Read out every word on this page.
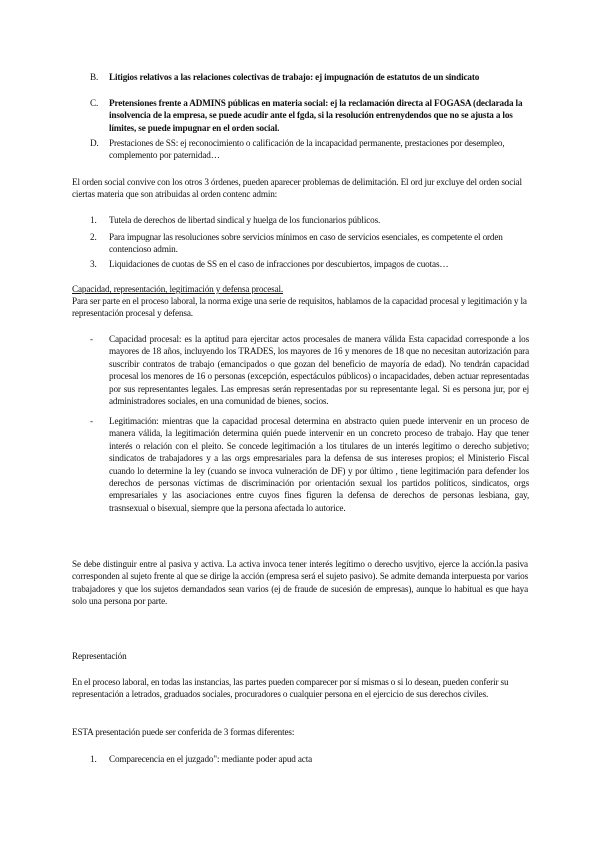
B. Litigios relativos a las relaciones colectivas de trabajo: ej impugnación de estatutos de un sindicato

C. Pretensiones frente a ADMINS públicas en materia social: ej la reclamación directa al FOGASA (declarada la insolvencia de la empresa, se puede acudir ante el fgda, si la resolución entrenydendos que no se ajusta a los límites, se puede impugnar en el orden social.

D. Prestaciones de SS: ej reconocimiento o calificación de la incapacidad permanente, prestaciones por desempleo, complemento por paternidad…

El orden social convive con los otros 3 órdenes, pueden aparecer problemas de delimitación. El ord jur excluye del orden social ciertas materia que son atribuidas al orden contenc admin:

1. Tutela de derechos de libertad sindical y huelga de los funcionarios públicos.

2. Para impugnar las resoluciones sobre servicios mínimos en caso de servicios esenciales, es competente el orden contencioso admin.

3. Liquidaciones de cuotas de SS en el caso de infracciones por descubiertos, impagos de cuotas…

Capacidad, representación, legitimación y defensa procesal.

Para ser parte en el proceso laboral, la norma exige una serie de requisitos, hablamos de la capacidad procesal y legitimación y la representación procesal y defensa.

- Capacidad procesal: es la aptitud para ejercitar actos procesales de manera válida Esta capacidad corresponde a los mayores de 18 años, incluyendo los TRADES, los mayores de 16 y menores de 18 que no necesitan autorización para suscribir contratos de trabajo (emancipados o que gozan del beneficio de mayoría de edad). No tendrán capacidad procesal los menores de 16 o personas (excepción, espectáculos públicos) o incapacidades, deben actuar representadas por sus representantes legales. Las empresas serán representadas por su representante legal. Si es persona jur, por ej administradores sociales, en una comunidad de bienes, socios.

- Legitimación: mientras que la capacidad procesal determina en abstracto quien puede intervenir en un proceso de manera válida, la legitimación determina quién puede intervenir en un concreto proceso de trabajo. Hay que tener interés o relación con el pleito. Se concede legitimación a los titulares de un interés legítimo o derecho subjetivo; sindicatos de trabajadores y a las orgs empresariales para la defensa de sus intereses propios; el Ministerio Fiscal cuando lo determine la ley (cuando se invoca vulneración de DF) y por último , tiene legitimación para defender los derechos de personas víctimas de discriminación por orientación sexual los partidos políticos, sindicatos, orgs empresariales y las asociaciones entre cuyos fines figuren la defensa de derechos de personas lesbiana, gay, trasnsexual o bisexual, siempre que la persona afectada lo autorice.

Se debe distinguir entre al pasiva y activa. La activa invoca tener interés legítimo o derecho usvjtivo, ejerce la acción.la pasiva corresponden al sujeto frente al que se dirige la acción (empresa será el sujeto pasivo). Se admite demanda interpuesta por varios trabajadores y que los sujetos demandados sean varios (ej de fraude de sucesión de empresas), aunque lo habitual es que haya solo una persona por parte.

Representación

En el proceso laboral, en todas las instancias, las partes pueden comparecer por sí mismas o si lo desean, pueden conferir su representación a letrados, graduados sociales, procuradores o cualquier persona en el ejercicio de sus derechos civiles.

ESTA presentación puede ser conferida de 3 formas diferentes:

1. Comparecencia en el juzgado": mediante poder apud acta
